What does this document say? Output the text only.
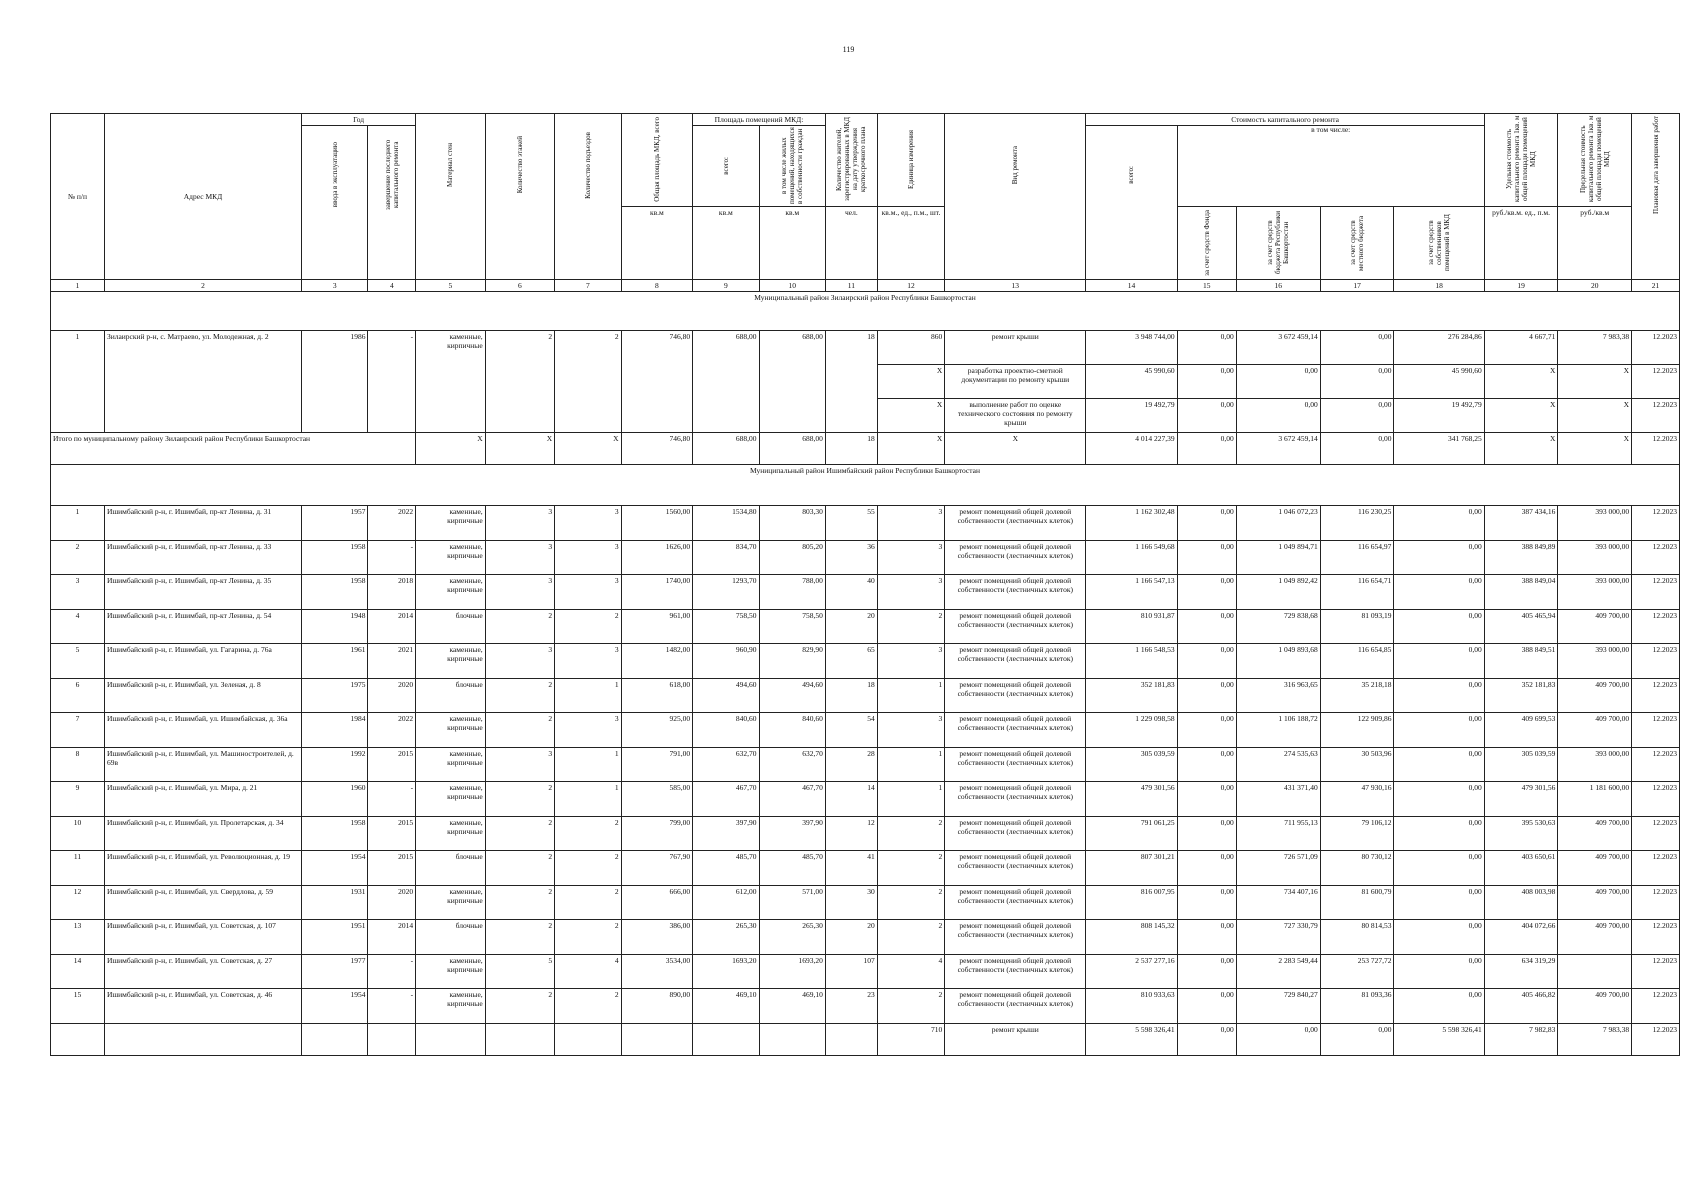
119
№ п/п	Адрес МКД	Год		Материал стен	Количество этажей	Количество подъездов	Общая площадь МКД, всего	Площадь помещений МКД:		Количество жителей, зарегистрированных в МКД на дату утверждения краткосрочного плана	Единица измерения	Вид ремонта	Стоимость капитального ремонта					Удельная стоимость капитального ремонта 1кв. м общей площади помещений МКД	Предельная стоимость капитального ремонта 1кв. м общей площади помещений МКД	Плановая дата завершения работ

		ввода в эксплуатацию	завершение последнего капитального ремонта					всего:	в том числе жилых помещений, находящихся в собственности граждан				всего:	в том числе:						
							кв.м	кв.м	кв.м	чел.	кв.м., ед., п.м., шт.			за счет средств Фонда	за счет средств бюджета Республики Башкортостан	за счет средств местного бюджета	за счет средств собственников помещений в МКД	руб./кв.м. ед., п.м.	руб./кв.м	
1	2	3	4	5	6	7	8	9	10	11	12	13	14	15	16	17	18	19	20	21
Муниципальный район Зилаирский район Республики Башкортостан																				
1	Зилаирский р-н, с. Матраево, ул. Молодежная, д. 2	1986	-	каменные, кирпичные	2	2	746,80	688,00	688,00	18	860	ремонт крыши	3 948 744,00	0,00	3 672 459,14	0,00	276 284,86	4 667,71	7 983,38	12.2023
											X	разработка проектно-сметной документации по ремонту крыши	45 990,60	0,00	0,00	0,00	45 990,60	X	X	12.2023
											X	выполнение работ по оценке технического состояния по ремонту крыши	19 492,79	0,00	0,00	0,00	19 492,79	X	X	12.2023
Итого по муниципальному району Зилаирский район Республики Башкортостан				X	X	X	746,80	688,00	688,00	18	X	X	4 014 227,39	0,00	3 672 459,14	0,00	341 768,25	X	X	12.2023
Муниципальный район Ишимбайский район Республики Башкортостан																				
1	Ишимбайский р-н, г. Ишимбай, пр-кт Ленина, д. 31	1957	2022	каменные, кирпичные	3	3	1560,00	1534,80	803,30	55	3	ремонт помещений общей долевой собственности (лестничных клеток)	1 162 302,48	0,00	1 046 072,23	116 230,25	0,00	387 434,16	393 000,00	12.2023
2	Ишимбайский р-н, г. Ишимбай, пр-кт Ленина, д. 33	1958	-	каменные, кирпичные	3	3	1626,00	834,70	805,20	36	3	ремонт помещений общей долевой собственности (лестничных клеток)	1 166 549,68	0,00	1 049 894,71	116 654,97	0,00	388 849,89	393 000,00	12.2023
3	Ишимбайский р-н, г. Ишимбай, пр-кт Ленина, д. 35	1958	2018	каменные, кирпичные	3	3	1740,00	1293,70	788,00	40	3	ремонт помещений общей долевой собственности (лестничных клеток)	1 166 547,13	0,00	1 049 892,42	116 654,71	0,00	388 849,04	393 000,00	12.2023
4	Ишимбайский р-н, г. Ишимбай, пр-кт Ленина, д. 54	1948	2014	блочные	2	2	961,00	758,50	758,50	20	2	ремонт помещений общей долевой собственности (лестничных клеток)	810 931,87	0,00	729 838,68	81 093,19	0,00	405 465,94	409 700,00	12.2023
5	Ишимбайский р-н, г. Ишимбай, ул. Гагарина, д. 76а	1961	2021	каменные, кирпичные	3	3	1482,00	960,90	829,90	65	3	ремонт помещений общей долевой собственности (лестничных клеток)	1 166 548,53	0,00	1 049 893,68	116 654,85	0,00	388 849,51	393 000,00	12.2023
6	Ишимбайский р-н, г. Ишимбай, ул. Зеленая, д. 8	1975	2020	блочные	2	1	618,00	494,60	494,60	18	1	ремонт помещений общей долевой собственности (лестничных клеток)	352 181,83	0,00	316 963,65	35 218,18	0,00	352 181,83	409 700,00	12.2023
7	Ишимбайский р-н, г. Ишимбай, ул. Ишимбайская, д. 36а	1984	2022	каменные, кирпичные	2	3	925,00	840,60	840,60	54	3	ремонт помещений общей долевой собственности (лестничных клеток)	1 229 098,58	0,00	1 106 188,72	122 909,86	0,00	409 699,53	409 700,00	12.2023
8	Ишимбайский р-н, г. Ишимбай, ул. Машиностроителей, д. 69в	1992	2015	каменные, кирпичные	3	1	791,00	632,70	632,70	28	1	ремонт помещений общей долевой собственности (лестничных клеток)	305 039,59	0,00	274 535,63	30 503,96	0,00	305 039,59	393 000,00	12.2023
9	Ишимбайский р-н, г. Ишимбай, ул. Мира, д. 21	1960	-	каменные, кирпичные	2	1	585,00	467,70	467,70	14	1	ремонт помещений общей долевой собственности (лестничных клеток)	479 301,56	0,00	431 371,40	47 930,16	0,00	479 301,56	1 181 600,00	12.2023
10	Ишимбайский р-н, г. Ишимбай, ул. Пролетарская, д. 34	1958	2015	каменные, кирпичные	2	2	799,00	397,90	397,90	12	2	ремонт помещений общей долевой собственности (лестничных клеток)	791 061,25	0,00	711 955,13	79 106,12	0,00	395 530,63	409 700,00	12.2023
11	Ишимбайский р-н, г. Ишимбай, ул. Революционная, д. 19	1954	2015	блочные	2	2	767,90	485,70	485,70	41	2	ремонт помещений общей долевой собственности (лестничных клеток)	807 301,21	0,00	726 571,09	80 730,12	0,00	403 650,61	409 700,00	12.2023
12	Ишимбайский р-н, г. Ишимбай, ул. Свердлова, д. 59	1931	2020	каменные, кирпичные	2	2	666,00	612,00	571,00	30	2	ремонт помещений общей долевой собственности (лестничных клеток)	816 007,95	0,00	734 407,16	81 600,79	0,00	408 003,98	409 700,00	12.2023
13	Ишимбайский р-н, г. Ишимбай, ул. Советская, д. 107	1951	2014	блочные	2	2	386,00	265,30	265,30	20	2	ремонт помещений общей долевой собственности (лестничных клеток)	808 145,32	0,00	727 330,79	80 814,53	0,00	404 072,66	409 700,00	12.2023
14	Ишимбайский р-н, г. Ишимбай, ул. Советская, д. 27	1977	-	каменные, кирпичные	5	4	3534,00	1693,20	1693,20	107	4	ремонт помещений общей долевой собственности (лестничных клеток)	2 537 277,16	0,00	2 283 549,44	253 727,72	0,00	634 319,29		12.2023
15	Ишимбайский р-н, г. Ишимбай, ул. Советская, д. 46	1954	-	каменные, кирпичные	2	2	890,00	469,10	469,10	23	2	ремонт помещений общей долевой собственности (лестничных клеток)	810 933,63	0,00	729 840,27	81 093,36	0,00	405 466,82	409 700,00	12.2023
											710	ремонт крыши	5 598 326,41	0,00	0,00	0,00	5 598 326,41	7 982,83	7 983,38	12.2023
